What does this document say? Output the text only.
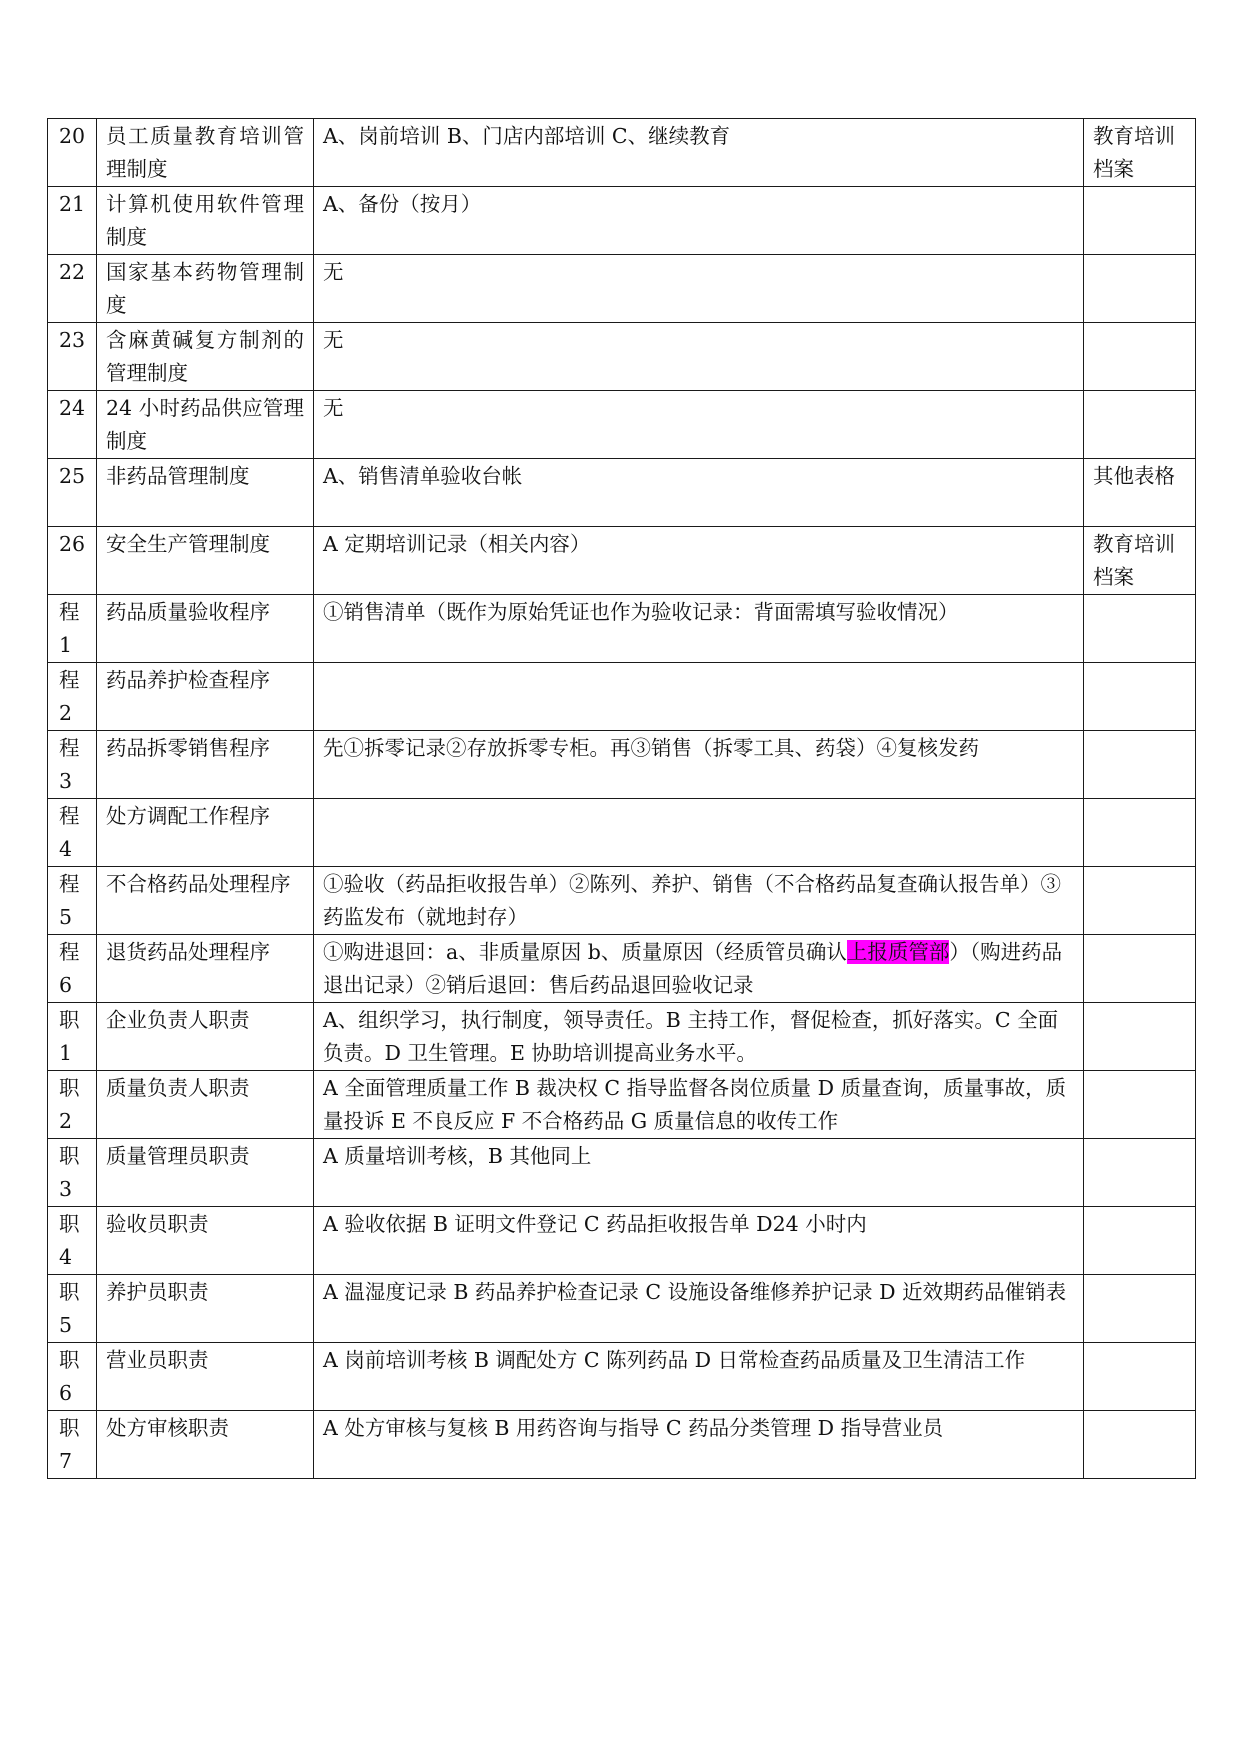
20	员工质量教育培训管理制度	A、岗前培训 B、门店内部培训 C、继续教育	教育培训档案
21	计算机使用软件管理制度	A、备份（按月）	
22	国家基本药物管理制度	无	
23	含麻黄碱复方制剂的管理制度	无	
24	24 小时药品供应管理制度	无	
25	非药品管理制度	A、销售清单验收台帐	其他表格
26	安全生产管理制度	A 定期培训记录（相关内容）	教育培训档案
程 1	药品质量验收程序	①销售清单（既作为原始凭证也作为验收记录：背面需填写验收情况）	
程 2	药品养护检查程序		
程 3	药品拆零销售程序	先①拆零记录②存放拆零专柜。再③销售（拆零工具、药袋）④复核发药	
程 4	处方调配工作程序		
程 5	不合格药品处理程序	①验收（药品拒收报告单）②陈列、养护、销售（不合格药品复查确认报告单）③药监发布（就地封存）	
程 6	退货药品处理程序	①购进退回：a、非质量原因 b、质量原因（经质管员确认上报质管部）（购进药品退出记录）②销后退回：售后药品退回验收记录	
职 1	企业负责人职责	A、组织学习，执行制度，领导责任。B 主持工作，督促检查，抓好落实。C 全面负责。D 卫生管理。E 协助培训提高业务水平。	
职 2	质量负责人职责	A 全面管理质量工作 B 裁决权 C 指导监督各岗位质量 D 质量查询，质量事故，质量投诉 E 不良反应 F 不合格药品 G 质量信息的收传工作	
职 3	质量管理员职责	A 质量培训考核，B 其他同上	
职 4	验收员职责	A 验收依据 B 证明文件登记 C 药品拒收报告单 D24 小时内	
职 5	养护员职责	A 温湿度记录 B 药品养护检查记录 C 设施设备维修养护记录 D 近效期药品催销表	
职 6	营业员职责	A 岗前培训考核 B 调配处方 C 陈列药品 D 日常检查药品质量及卫生清洁工作	
职 7	处方审核职责	A 处方审核与复核 B 用药咨询与指导 C 药品分类管理 D 指导营业员	
